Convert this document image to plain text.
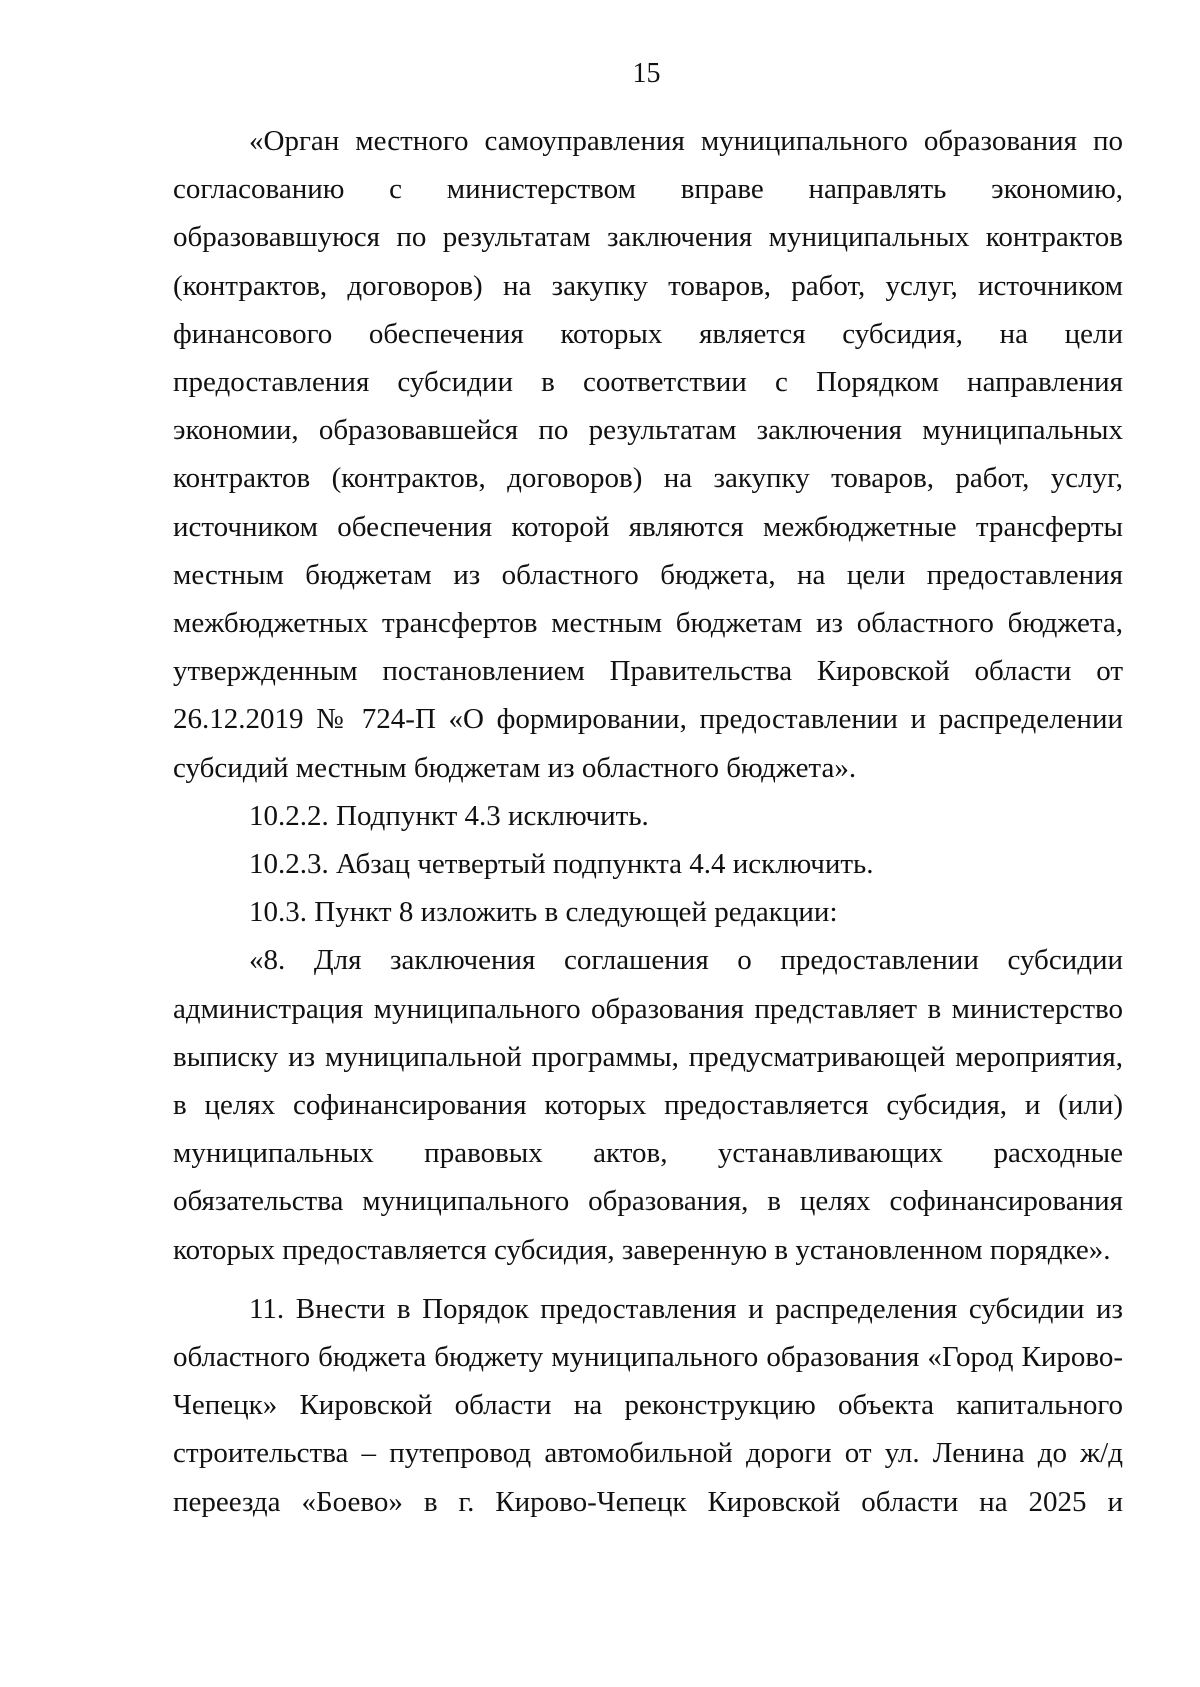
15

«Орган местного самоуправления муниципального образования по согласованию с министерством вправе направлять экономию, образовавшуюся по результатам заключения муниципальных контрактов (контрактов, договоров) на закупку товаров, работ, услуг, источником финансового обеспечения которых является субсидия, на цели предоставления субсидии в соответствии с Порядком направления экономии, образовавшейся по результатам заключения муниципальных контрактов (контрактов, договоров) на закупку товаров, работ, услуг, источником обеспечения которой являются межбюджетные трансферты местным бюджетам из областного бюджета, на цели предоставления межбюджетных трансфертов местным бюджетам из областного бюджета, утвержденным постановлением Правительства Кировской области от 26.12.2019 № 724-П «О формировании, предоставлении и распределении субсидий местным бюджетам из областного бюджета».

10.2.2. Подпункт 4.3 исключить.

10.2.3. Абзац четвертый подпункта 4.4 исключить.

10.3. Пункт 8 изложить в следующей редакции:

«8. Для заключения соглашения о предоставлении субсидии администрация муниципального образования представляет в министерство выписку из муниципальной программы, предусматривающей мероприятия, в целях софинансирования которых предоставляется субсидия, и (или) муниципальных правовых актов, устанавливающих расходные обязательства муниципального образования, в целях софинансирования которых предоставляется субсидия, заверенную в установленном порядке».

11. Внести в Порядок предоставления и распределения субсидии из областного бюджета бюджету муниципального образования «Город Кирово-Чепецк» Кировской области на реконструкцию объекта капитального строительства – путепровод автомобильной дороги от ул. Ленина до ж/д переезда «Боево» в г. Кирово-Чепецк Кировской области на 2025 и
